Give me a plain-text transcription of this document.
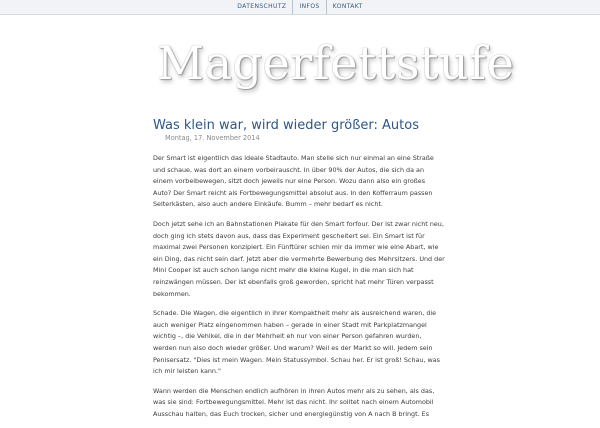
DATENSCHUTZ	INFOS	KONTAKT
Magerfettstufe
Was klein war, wird wieder größer: Autos
Montag, 17. November 2014

Der Smart ist eigentlich das ideale Stadtauto. Man stelle sich nur einmal an eine Straße und schaue, was dort an einem vorbeirauscht. In über 90% der Autos, die sich da an einem vorbeibewegen, sitzt doch jeweils nur eine Person. Wozu dann also ein großes Auto? Der Smart reicht als Fortbewegungsmittel absolut aus. In den Kofferraum passen Selterkästen, also auch andere Einkäufe. Bumm – mehr bedarf es nicht.

Doch jetzt sehe ich an Bahnstationen Plakate für den Smart forfour. Der ist zwar nicht neu, doch ging ich stets davon aus, dass das Experiment gescheitert sei. Ein Smart ist für maximal zwei Personen konzipiert. Ein Fünftürer schien mir da immer wie eine Abart, wie ein Ding, das nicht sein darf. Jetzt aber die vermehrte Bewerbung des Mehrsitzers. Und der Mini Cooper ist auch schon lange nicht mehr die kleine Kugel, in die man sich hat reinzwängen müssen. Der ist ebenfalls groß geworden, spricht hat mehr Türen verpasst bekommen.

Schade. Die Wagen, die eigentlich in ihrer Kompaktheit mehr als ausreichend waren, die auch weniger Platz eingenommen haben – gerade in einer Stadt mit Parkplatzmangel wichtig –, die Vehikel, die in der Mehrheit eh nur von einer Person gefahren wurden, werden nun also doch wieder größer. Und warum? Weil es der Markt so will. Jedem sein Penisersatz. "Dies ist mein Wagen. Mein Statussymbol. Schau her. Er ist groß! Schau, was ich mir leisten kann."

Wann werden die Menschen endlich aufhören in ihren Autos mehr als zu sehen, als das, was sie sind: Fortbewegungsmittel. Mehr ist das nicht. Ihr solltet nach einem Automobil Ausschau halten, das Euch trocken, sicher und energiegünstig von A nach B bringt. Es
